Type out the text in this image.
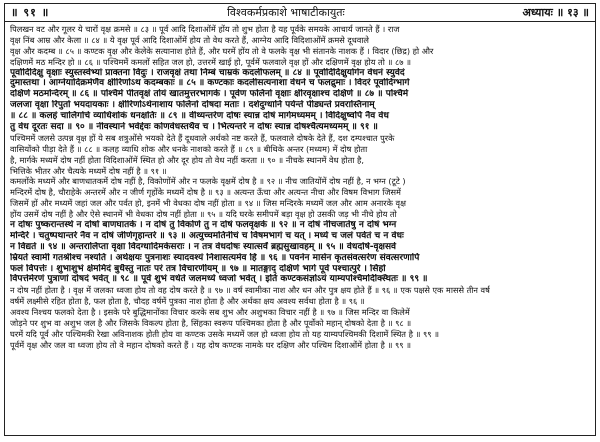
॥ ९१ ॥	विश्वकर्मप्रकाशे भाषाटीकायुतः	अध्यायः ॥ १३ ॥

पिलखन वट और गूलर ये चारों वृक्ष क्रमसे ॥ ८३ ॥ पूर्व आदि दिशाओंमें होंय तो शुभ होता है यह पूर्वके समयके आचार्य जानते हैं । राज

वृक्ष निंब आम्र और केला ॥ ८४ ॥ ये वृक्ष पूर्व आदि दिशाओंमें होय तो वेध करते हैं, आग्नेय आदि विदिशाओंमें क्रमसे दूधवाले

वृक्ष और कदम्ब ॥ ८५ ॥ कण्टक वृक्ष और केलेके सत्यानाश होते हैं, और घरमें होंय तो वे फलके वृक्ष भी संतानके नाशक हैं । विदार (छिद्र) हो और

दक्षिणमें मठ मन्दिर हो ॥ ८६ ॥ पश्चिममें कमलों सहित जल हो, उत्तरमें खाई हो, पूर्वमें फलवाले वृक्ष हों और दक्षिणमें वृक्ष होय तो ॥ ८७ ॥

पूर्वादिदिक्षु वृक्षाः स्युस्तस्वेभ्यां प्राक्तना विदुः । राजवृक्षं तथा निम्बं चाम्रकं कदलीफलम् ॥ ८४ ॥ पूर्वादिदिक्षुयोगेन वेधनं स्युर्वेदं

दुमास्तथा । आग्नेयादिक्रमेणैव क्षीरिणोऽथ कदम्बकाः ॥ ८५ ॥ कण्टकाः कदलीसत्यनाशा वेधने च फलद्रुमाः । विदरं पूर्वादिग्भागे

दक्षिणे मठमन्दिरम् ॥ ८६ ॥ पश्चिमे पीतवृक्षं तोयं खातमुत्तरभागके । पूर्वेण फलिनो वृक्षाः क्षीरवृक्षाश्च दक्षिणे ॥ ८७ ॥ पश्चिमे

जलजा वृक्षा रिपुतो भयदायकाः । क्षीरिणोऽर्थनाशाय फलिनो दोषदा मताः । दर्शदुग्धानि पर्यन्ते पीड्यन्ते प्रवरास्तिनाम्

॥ ८८ ॥ कलहं चालिगोर्च व्याधिशोकं धनक्षतिः ॥ ८९ ॥ वीथ्यन्तरेण दोषः स्यान्न दोषं मार्गमध्यमम् । विदिक्षुष्वपि नैव वेध

तु वेध दूरतः सदा ॥ ९० ॥ नीवस्थाने भवेद्देवः कोणवेधस्तथैव च । भित्यन्तरे न दोषः स्यान्न दोषश्चैत्यमध्यमम् ॥ ९१ ॥

पश्चिममें जलसे उत्पन्न वृक्ष हों ये सब शत्रुओंसे भयको देते हैं दूधवाले अर्थको नष्ट करते हैं, फलवाले दोषके देते हैं, दश दम्पश्चात पुरके

वासियोंको पीड़ा देते हैं ॥ ८८ ॥ कलह व्याधि शोक और धनके नाशको करते हैं ॥ ८९ ॥ बीथिके अन्तर (मध्यम) में दोष होता

है, मार्गके मध्यमें दोष नहीं होता विदिशाओंमें स्थित हो और दूर होय तो वेध नहीं करता ॥ ९० ॥ नीचके स्थानमें वेध होता है,

भित्तिके भीतर और चैत्यके मध्यमें दोष नहीं है ॥ ९१ ॥

कमलोंके मध्यमें और बाणधातकमें दोष नहीं है, विकोणोंमें और न फलके वृक्षमें दोष है ॥ ९२ ॥ नीच जातियोंमें दोष नहीं है, न भग्न (टूटे )

मन्दिरमें दोष है, चौराहेके अन्तरमें और न जीर्ण गृहोंके मध्यमें दोष है ॥ ९३ ॥ अत्यन्त ऊँचा और अत्यन्त नीचा और विषम विभाग जिसमें

जिसमें हों और मध्यमें जहां जल और पर्वत हो, इनमें भी वेधका दोष नहीं होता ॥ ९४ ॥ जिस मन्दिरके मध्यमें जल और आम अनारके वृक्ष

होंय उसमें दोष नहीं है और ऐसे स्थानमें भी वेधका दोष नहीं होता ॥ ९५ ॥ यदि घरके समीपमें बड़ा वृक्ष हो उसकी जड़ भी नीचे होय तो

न दोषः पुष्करान्तस्थे न दोषो बाणघातके । न दोषं तु विकोणे तु न दोषं फलवृक्षके ॥ ९२ ॥ न दोषं नीचजातेषु न दोषं भग्न

मन्दिरे । चतुष्पथान्तरे नैव न दोषं जीर्णगृहान्तरे ॥ ९३ ॥ अत्युच्चमतिनीचं च विषमभागं च यत् । मध्ये च जलं पर्वतं च न वेधः

न विद्यते ॥ ९४ ॥ अन्तरालिप्ता वृक्षा विदग्धादिमकेसराः । न तत्र वेधदोषः स्यात्सर्वं ब्रह्मसुखावहम् ॥ ९५ ॥ वेधदोषे-वृक्षसर्वे

म्रियते स्वामी गतश्रीश्च नश्यति । अर्थक्षयः पुत्रनाशः स्यादवश्यं निशासत्यमेव हि ॥ ९६ ॥ पवनेन मासेन कृतसंवत्सरेण संवत्सरणापि

फलं विपत्तेः । शुभाशुभं क्षेममिदं बुधैस्तु नातः परं तत्र विचारणीयम् ॥ ९७ ॥ मातङ्गाद् दक्षिणे भागे पूर्वे पश्चात्पुरे । सिंहो

विपत्तेर्मरणं पुत्राणां दोषदं भवेत् ॥ ९८ ॥ पूर्वे शुभं वर्धते जलमध्ये ध्वजो भवेत् । इति कण्टकसंज्ञोऽयं याम्यपश्चिमदिक्स्थितः ॥ ९९ ॥

न दोष नहीं होता है । वृक्ष में जलका ध्वजा होय तो वह दोष करते है ॥ ९७ ॥ वर्ष स्वामीका नाश और धन और पुत्र क्षय होते हैं ॥ ९६ ॥ एक पक्षसे एक माससे तीन वर्ष

वर्षमें लक्ष्मीसे रहित होता है, फल होता है, चौदह वर्षमें पुत्रका नाश होता है और अर्थका क्षय अवश्य सर्वथा होता है ॥ ९६ ॥

अवश्य निश्चय फलको देता है । इसके परे बुद्धिमानोंका विचार करके सब शुभ और अशुभका विचार नहीं है ॥ ९७ ॥ जिस मन्दिर वा किलेमें

जोड़ने पर शुभ वा अशुभ जल है और जिसके विकल्प होता है, सिंहका स्वरूप पश्चिमका होता है और पूर्वोको महान् दोषको देता है ॥ ९८ ॥

घरमें यदि पूर्व और पश्चिमकी रेखा अविनाशक होती होय वा कण्टक उसके मध्यमें जल हो ध्वजा होय तो यह याम्यपश्चिमकी दिशामें स्थित है ॥ ९९ ॥

पूर्वमें वृक्ष और जल वा ध्वजा होय तो वे महान दोषको करते हैं । यह दोष कण्टक नामके घर दक्षिण और पश्चिम दिशाओंमें होता है ॥ ९९ ॥
